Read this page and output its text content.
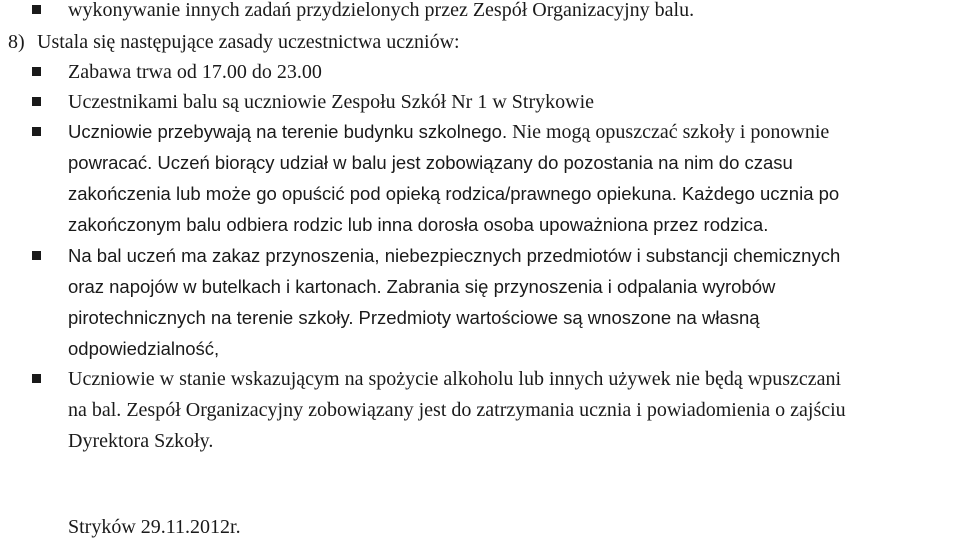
wykonywanie innych zadań przydzielonych przez Zespół Organizacyjny balu.
8) Ustala się następujące zasady uczestnictwa uczniów:
Zabawa trwa od 17.00 do 23.00
Uczestnikami balu są uczniowie Zespołu Szkół Nr 1 w Strykowie
Uczniowie przebywają na terenie budynku szkolnego. Nie mogą opuszczać szkoły i ponownie
powracać. Uczeń biorący udział w balu jest zobowiązany do pozostania na nim do czasu
zakończenia lub może go opuścić pod opieką rodzica/prawnego opiekuna. Każdego ucznia po
zakończonym balu odbiera rodzic lub inna dorosła osoba upoważniona przez rodzica.
Na bal uczeń ma zakaz przynoszenia, niebezpiecznych przedmiotów i substancji chemicznych
oraz napojów w butelkach i kartonach. Zabrania się przynoszenia i odpalania wyrobów
pirotechnicznych na terenie szkoły. Przedmioty wartościowe są wnoszone na własną
odpowiedzialność,
Uczniowie w stanie wskazującym na spożycie alkoholu lub innych używek nie będą wpuszczani
na bal. Zespół Organizacyjny zobowiązany jest do zatrzymania ucznia i powiadomienia o zajściu
Dyrektora Szkoły.
Stryków 29.11.2012r.
